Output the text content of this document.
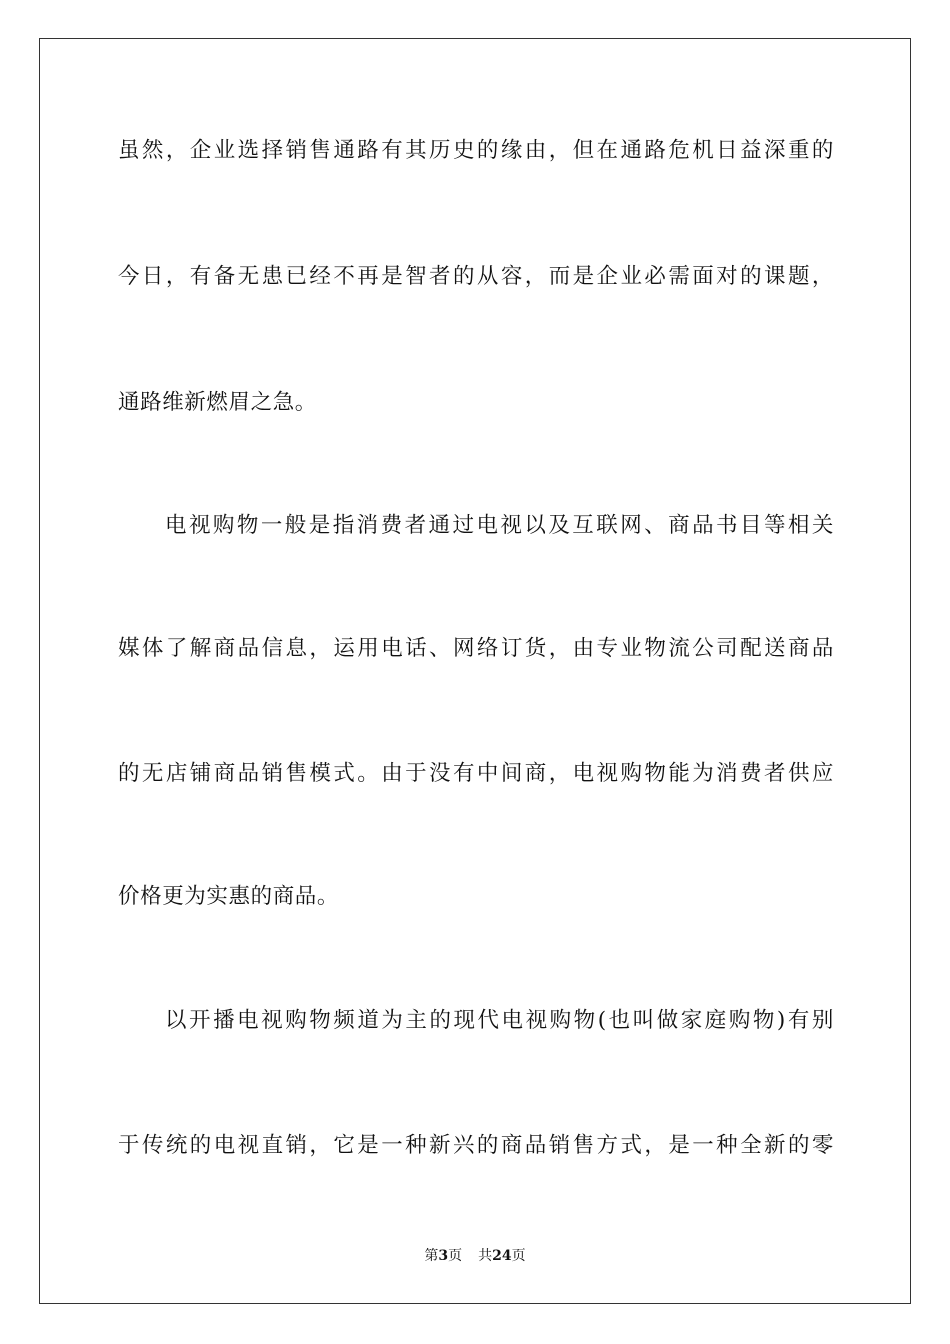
虽然，企业选择销售通路有其历史的缘由，但在通路危机日益深重的
今日，有备无患已经不再是智者的从容，而是企业必需面对的课题，
通路维新燃眉之急。
电视购物一般是指消费者通过电视以及互联网、商品书目等相关
媒体了解商品信息，运用电话、网络订货，由专业物流公司配送商品
的无店铺商品销售模式。由于没有中间商，电视购物能为消费者供应
价格更为实惠的商品。
以开播电视购物频道为主的现代电视购物(也叫做家庭购物)有别
于传统的电视直销，它是一种新兴的商品销售方式，是一种全新的零
第3页 共24页
